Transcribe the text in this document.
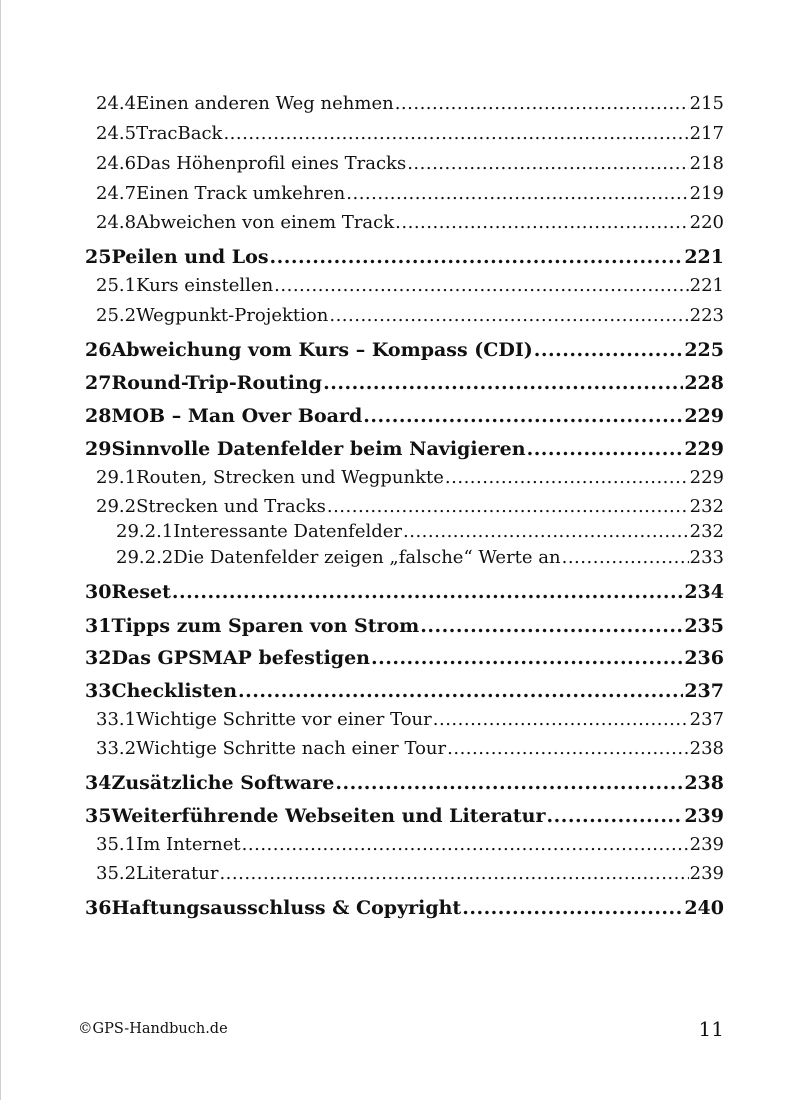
24.4 Einen anderen Weg nehmen .....	215
24.5 TracBack .....	217
24.6 Das Höhenprofil eines Tracks .....	218
24.7 Einen Track umkehren .....	219
24.8 Abweichen von einem Track .....	220
25 Peilen und Los .....	221
25.1 Kurs einstellen .....	221
25.2 Wegpunkt-Projektion .....	223
26 Abweichung vom Kurs – Kompass (CDI) .....	225
27 Round-Trip-Routing .....	228
28 MOB – Man Over Board .....	229
29 Sinnvolle Datenfelder beim Navigieren .....	229
29.1 Routen, Strecken und Wegpunkte .....	229
29.2 Strecken und Tracks .....	232
29.2.1 Interessante Datenfelder .....	232
29.2.2 Die Datenfelder zeigen „falsche“ Werte an .....	233
30 Reset .....	234
31 Tipps zum Sparen von Strom .....	235
32 Das GPSMAP befestigen .....	236
33 Checklisten .....	237
33.1 Wichtige Schritte vor einer Tour .....	237
33.2 Wichtige Schritte nach einer Tour .....	238
34 Zusätzliche Software .....	238
35 Weiterführende Webseiten und Literatur .....	239
35.1 Im Internet .....	239
35.2 Literatur .....	239
36 Haftungsausschluss & Copyright .....	240
©GPS-Handbuch.de	11
